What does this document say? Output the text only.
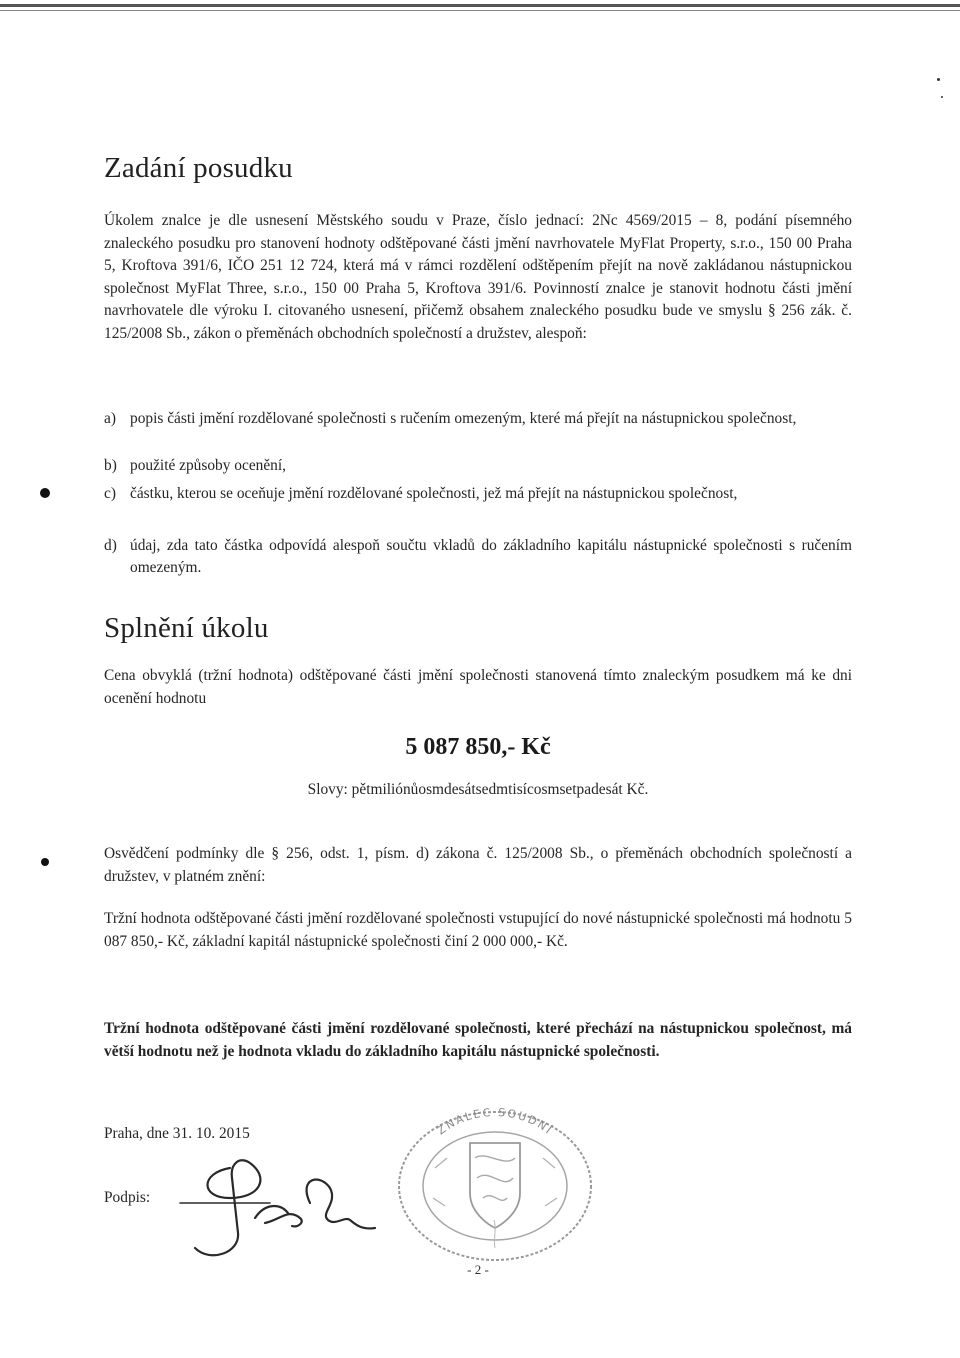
Zadání posudku

Úkolem znalce je dle usnesení Městského soudu v Praze, číslo jednací: 2Nc 4569/2015 – 8, podání písemného znaleckého posudku pro stanovení hodnoty odštěpované části jmění navrhovatele MyFlat Property, s.r.o., 150 00 Praha 5, Kroftova 391/6, IČO 251 12 724, která má v rámci rozdělení odštěpením přejít na nově zakládanou nástupnickou společnost MyFlat Three, s.r.o., 150 00 Praha 5, Kroftova 391/6. Povinností znalce je stanovit hodnotu části jmění navrhovatele dle výroku I. citovaného usnesení, přičemž obsahem znaleckého posudku bude ve smyslu § 256 zák. č. 125/2008 Sb., zákon o přeměnách obchodních společností a družstev, alespoň:

a) popis části jmění rozdělované společnosti s ručením omezeným, které má přejít na nástupnickou společnost,
b) použité způsoby ocenění,
c) částku, kterou se oceňuje jmění rozdělované společnosti, jež má přejít na nástupnickou společnost,
d) údaj, zda tato částka odpovídá alespoň součtu vkladů do základního kapitálu nástupnické společnosti s ručením omezeným.
Splnění úkolu

Cena obvyklá (tržní hodnota) odštěpované části jmění společnosti stanovená tímto znaleckým posudkem má ke dni ocenění hodnotu

5 087 850,- Kč
Slovy: pětmiliónůosmdesátsedmtisícosmsetpadesát Kč.

Osvědčení podmínky dle § 256, odst. 1, písm. d) zákona č. 125/2008 Sb., o přeměnách obchodních společností a družstev, v platném znění:

Tržní hodnota odštěpované části jmění rozdělované společnosti vstupující do nové nástupnické společnosti má hodnotu 5 087 850,- Kč, základní kapitál nástupnické společnosti činí 2 000 000,- Kč.

Tržní hodnota odštěpované části jmění rozdělované společnosti, které přechází na nástupnickou společnost, má větší hodnotu než je hodnota vkladu do základního kapitálu nástupnické společnosti.

Praha, dne 31. 10. 2015
Podpis:
- 2 -
ZNALEC SOUDNÍ
